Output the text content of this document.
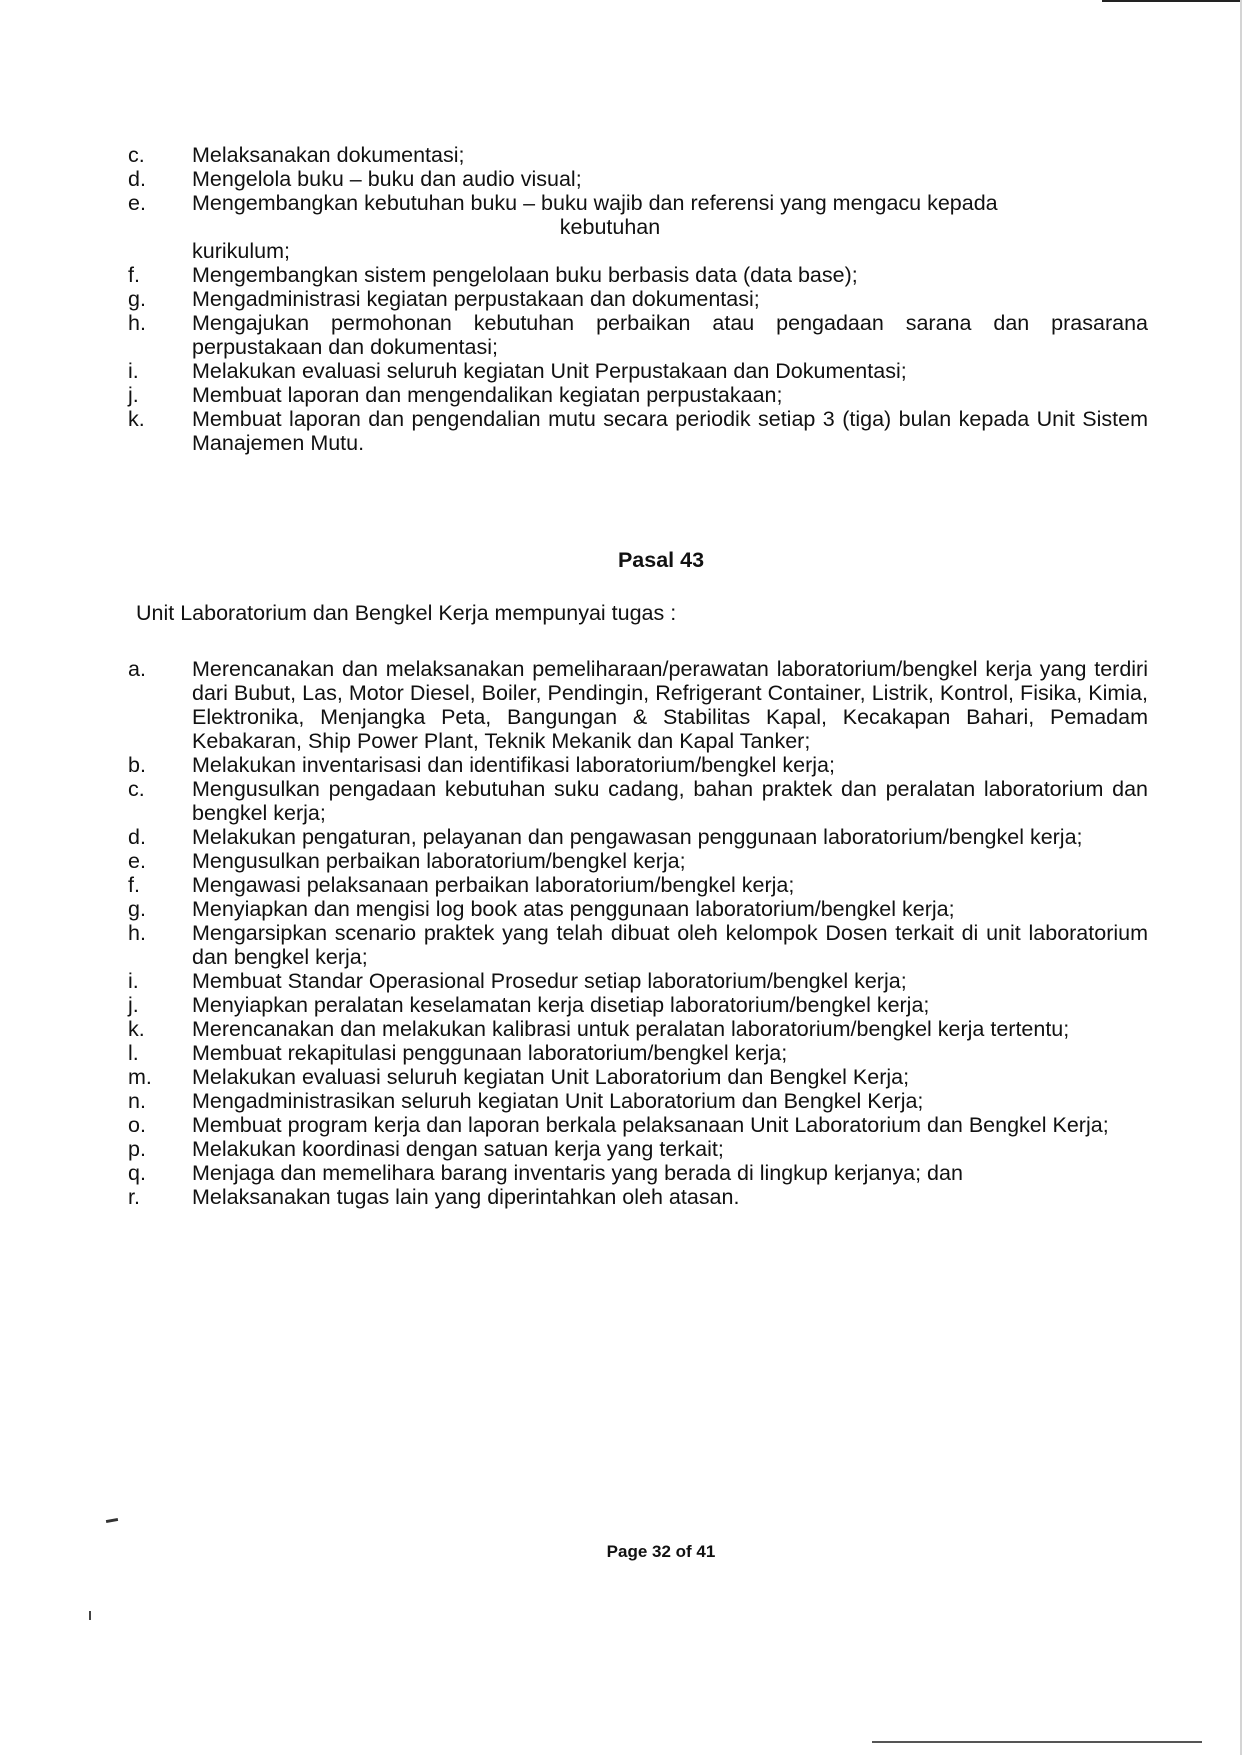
c.	Melaksanakan dokumentasi;
d.	Mengelola buku – buku dan audio visual;
e.	Mengembangkan kebutuhan buku – buku wajib dan referensi yang mengacu kepada
kebutuhan
kurikulum;
f.	Mengembangkan sistem pengelolaan buku berbasis data (data base);
g.	Mengadministrasi kegiatan perpustakaan dan dokumentasi;
h.	Mengajukan permohonan kebutuhan perbaikan atau pengadaan sarana dan prasarana perpustakaan dan dokumentasi;
i.	Melakukan evaluasi seluruh kegiatan Unit Perpustakaan dan Dokumentasi;
j.	Membuat laporan dan mengendalikan kegiatan perpustakaan;
k.	Membuat laporan dan pengendalian mutu secara periodik setiap 3 (tiga) bulan kepada Unit Sistem Manajemen Mutu.
Pasal 43
Unit Laboratorium dan Bengkel Kerja mempunyai tugas :
a.	Merencanakan dan melaksanakan pemeliharaan/perawatan laboratorium/bengkel kerja yang terdiri dari Bubut, Las, Motor Diesel, Boiler, Pendingin, Refrigerant Container, Listrik, Kontrol, Fisika, Kimia, Elektronika, Menjangka Peta, Bangungan & Stabilitas Kapal, Kecakapan Bahari, Pemadam Kebakaran, Ship Power Plant, Teknik Mekanik dan Kapal Tanker;
b.	Melakukan inventarisasi dan identifikasi laboratorium/bengkel kerja;
c.	Mengusulkan pengadaan kebutuhan suku cadang, bahan praktek dan peralatan laboratorium dan bengkel kerja;
d.	Melakukan pengaturan, pelayanan dan pengawasan penggunaan laboratorium/bengkel kerja;
e.	Mengusulkan perbaikan laboratorium/bengkel kerja;
f.	Mengawasi pelaksanaan perbaikan laboratorium/bengkel kerja;
g.	Menyiapkan dan mengisi log book atas penggunaan laboratorium/bengkel kerja;
h.	Mengarsipkan scenario praktek yang telah dibuat oleh kelompok Dosen terkait di unit laboratorium dan bengkel kerja;
i.	Membuat Standar Operasional Prosedur setiap laboratorium/bengkel kerja;
j.	Menyiapkan peralatan keselamatan kerja disetiap laboratorium/bengkel kerja;
k.	Merencanakan dan melakukan kalibrasi untuk peralatan laboratorium/bengkel kerja tertentu;
l.	Membuat rekapitulasi penggunaan laboratorium/bengkel kerja;
m.	Melakukan evaluasi seluruh kegiatan Unit Laboratorium dan Bengkel Kerja;
n.	Mengadministrasikan seluruh kegiatan Unit Laboratorium dan Bengkel Kerja;
o.	Membuat program kerja dan laporan berkala pelaksanaan Unit Laboratorium dan Bengkel Kerja;
p.	Melakukan koordinasi dengan satuan kerja yang terkait;
q.	Menjaga dan memelihara barang inventaris yang berada di lingkup kerjanya; dan
r.	Melaksanakan tugas lain yang diperintahkan oleh atasan.
Page 32 of 41
